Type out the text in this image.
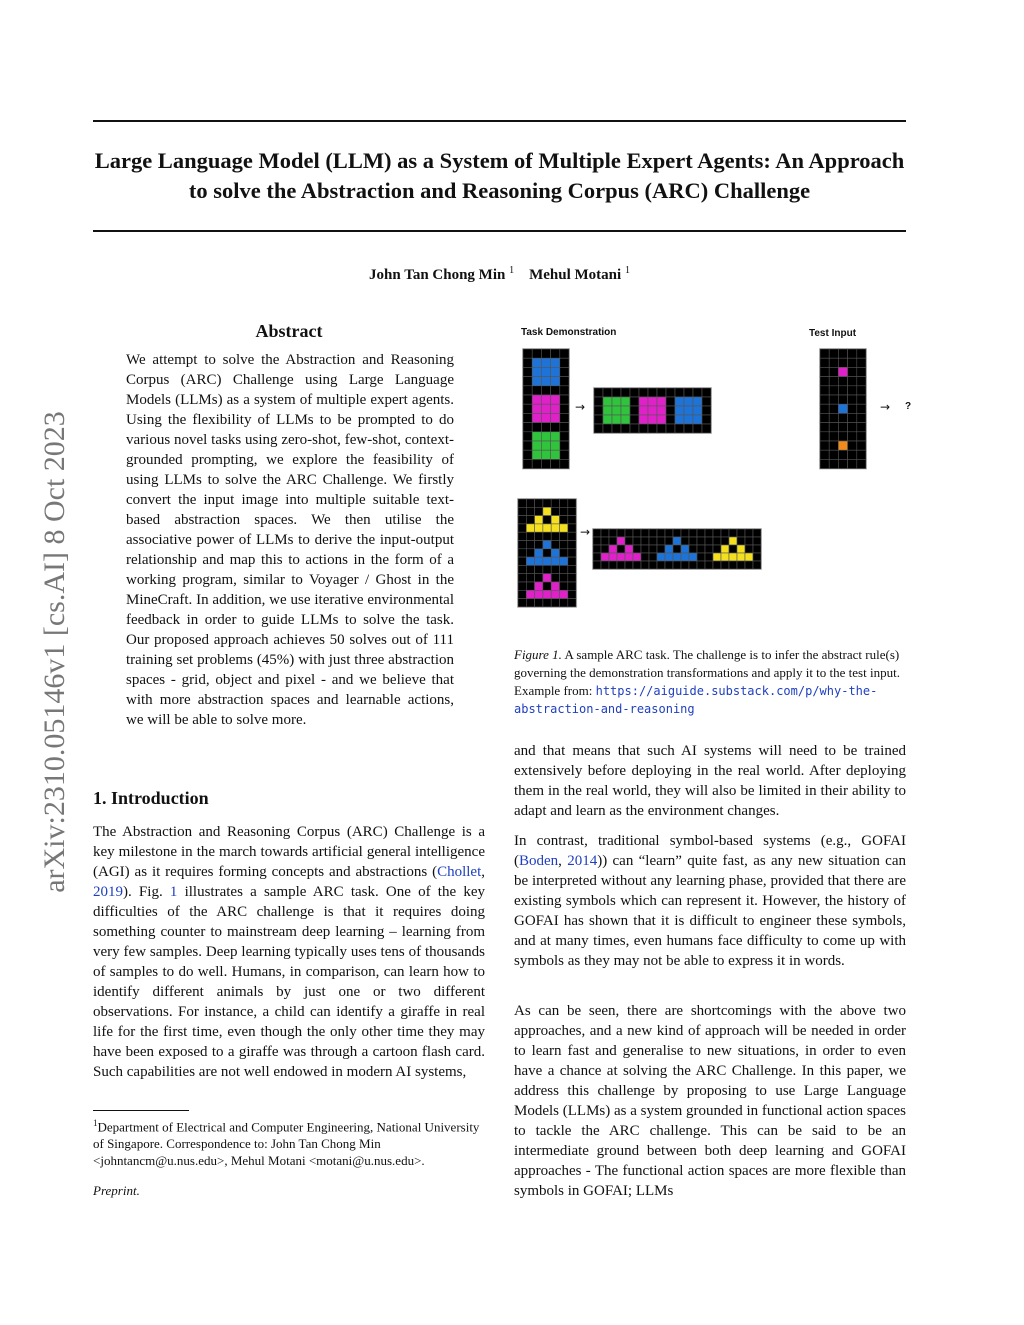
arXiv:2310.05146v1 [cs.AI] 8 Oct 2023
Large Language Model (LLM) as a System of Multiple Expert Agents: An Approach to solve the Abstraction and Reasoning Corpus (ARC) Challenge
John Tan Chong Min $^1$ Mehul Motani $^1$
Abstract
We attempt to solve the Abstraction and Reasoning Corpus (ARC) Challenge using Large Language Models (LLMs) as a system of multiple expert agents. Using the flexibility of LLMs to be prompted to do various novel tasks using zero-shot, few-shot, context-grounded prompting, we explore the feasibility of using LLMs to solve the ARC Challenge. We firstly convert the input image into multiple suitable text-based abstraction spaces. We then utilise the associative power of LLMs to derive the input-output relationship and map this to actions in the form of a working program, similar to Voyager / Ghost in the MineCraft. In addition, we use iterative environmental feedback in order to guide LLMs to solve the task. Our proposed approach achieves 50 solves out of 111 training set problems (45%) with just three abstraction spaces - grid, object and pixel - and we believe that with more abstraction spaces and learnable actions, we will be able to solve more.
1. Introduction
The Abstraction and Reasoning Corpus (ARC) Challenge is a key milestone in the march towards artificial general intelligence (AGI) as it requires forming concepts and abstractions (Chollet, 2019). Fig. 1 illustrates a sample ARC task. One of the key difficulties of the ARC challenge is that it requires doing something counter to mainstream deep learning – learning from very few samples. Deep learning typically uses tens of thousands of samples to do well. Humans, in comparison, can learn how to identify different animals by just one or two different observations. For instance, a child can identify a giraffe in real life for the first time, even though the only other time they may have been exposed to a giraffe was through a cartoon flash card. Such capabilities are not well endowed in modern AI systems,
$^1$Department of Electrical and Computer Engineering, National University of Singapore. Correspondence to: John Tan Chong Min <johntancm@u.nus.edu>, Mehul Motani <motani@u.nus.edu>.
Preprint.
Task Demonstration	Test Input
→	→ ?
→
Figure 1. A sample ARC task. The challenge is to infer the abstract rule(s) governing the demonstration transformations and apply it to the test input. Example from: https://aiguide.substack.com/p/why-the-abstraction-and-reasoning
and that means that such AI systems will need to be trained extensively before deploying in the real world. After deploying them in the real world, they will also be limited in their ability to adapt and learn as the environment changes.
In contrast, traditional symbol-based systems (e.g., GOFAI (Boden, 2014)) can “learn” quite fast, as any new situation can be interpreted without any learning phase, provided that there are existing symbols which can represent it. However, the history of GOFAI has shown that it is difficult to engineer these symbols, and at many times, even humans face difficulty to come up with symbols as they may not be able to express it in words.
As can be seen, there are shortcomings with the above two approaches, and a new kind of approach will be needed in order to learn fast and generalise to new situations, in order to even have a chance at solving the ARC Challenge. In this paper, we address this challenge by proposing to use Large Language Models (LLMs) as a system grounded in functional action spaces to tackle the ARC challenge. This can be said to be an intermediate ground between both deep learning and GOFAI approaches - The functional action spaces are more flexible than symbols in GOFAI; LLMs
